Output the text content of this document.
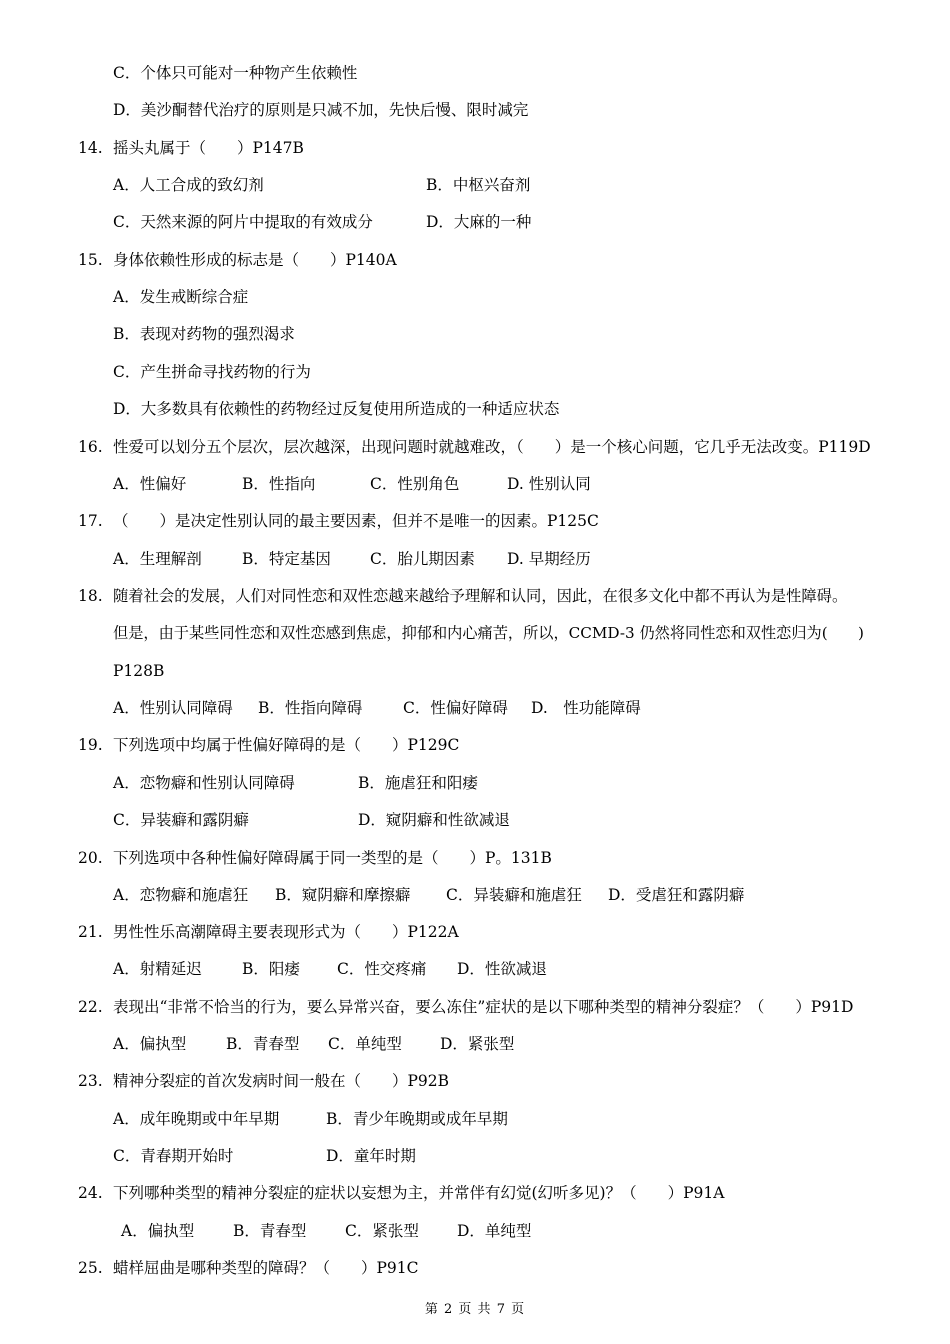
C．个体只可能对一种物产生依赖性
D．美沙酮替代治疗的原则是只减不加，先快后慢、限时减完
14. 摇头丸属于（　　）P147B
A．人工合成的致幻剂	B．中枢兴奋剂
C．天然来源的阿片中提取的有效成分	D．大麻的一种
15. 身体依赖性形成的标志是（　　）P140A
A．发生戒断综合症
B．表现对药物的强烈渴求
C．产生拼命寻找药物的行为
D．大多数具有依赖性的药物经过反复使用所造成的一种适应状态
16. 性爱可以划分五个层次，层次越深，出现问题时就越难改，（　　）是一个核心问题，它几乎无法改变。P119D
A．性偏好	B．性指向	C．性别角色	D. 性别认同
17. （　　）是决定性别认同的最主要因素，但并不是唯一的因素。P125C
A．生理解剖	B．特定基因	C．胎儿期因素 D. 早期经历
18. 随着社会的发展，人们对同性恋和双性恋越来越给予理解和认同，因此，在很多文化中都不再认为是性障碍。
但是，由于某些同性恋和双性恋感到焦虑，抑郁和内心痛苦，所以，CCMD-3 仍然将同性恋和双性恋归为(　　)
P128B
A．性别认同障碍 B．性指向障碍	C．性偏好障碍 D.　性功能障碍
19. 下列选项中均属于性偏好障碍的是（　　）P129C
A．恋物癖和性别认同障碍	B．施虐狂和阳痿
C．异装癖和露阴癖	D．窥阴癖和性欲减退
20. 下列选项中各种性偏好障碍属于同一类型的是（　　）P。131B
A．恋物癖和施虐狂 B．窥阴癖和摩擦癖 C．异装癖和施虐狂 D．受虐狂和露阴癖
21. 男性性乐高潮障碍主要表现形式为（　　）P122A
A．射精延迟	B．阳痿 C．性交疼痛 D．性欲减退
22. 表现出“非常不恰当的行为，要么异常兴奋，要么冻住”症状的是以下哪种类型的精神分裂症？（　　）P91D
A．偏执型	B．青春型 C．单纯型 D．紧张型
23. 精神分裂症的首次发病时间一般在（　　）P92B
A．成年晚期或中年早期	B．青少年晚期或成年早期
C．青春期开始时	D．童年时期
24. 下列哪种类型的精神分裂症的症状以妄想为主，并常伴有幻觉(幻听多见)？（　　）P91A
A．偏执型	B．青春型 C．紧张型 D．单纯型
25. 蜡样屈曲是哪种类型的障碍？（　　）P91C
第 2 页 共 7 页
